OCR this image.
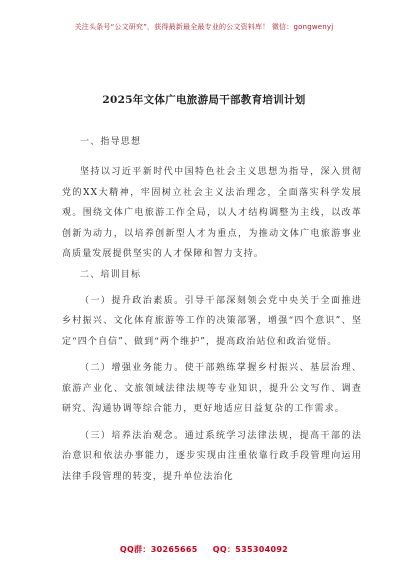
关注头条号“公文研究”，获得最新最全最专业的公文资料库！ 微信：gongwenyj
2025年文体广电旅游局干部教育培训计划

一、指导思想

坚持以习近平新时代中国特色社会主义思想为指导，深入贯彻党的XX大精神，牢固树立社会主义法治理念，全面落实科学发展观。围绕文体广电旅游工作全局，以人才结构调整为主线，以改革创新为动力，以培养创新型人才为重点，为推动文体广电旅游事业高质量发展提供坚实的人才保障和智力支持。

二、培训目标

（一）提升政治素质。引导干部深刻领会党中央关于全面推进乡村振兴、文化体育旅游等工作的决策部署，增强“四个意识”、坚定“四个自信”、做到“两个维护”，提高政治站位和政治觉悟。

（二）增强业务能力。使干部熟练掌握乡村振兴、基层治理、旅游产业化、文旅领域法律法规等专业知识，提升公文写作、调查研究、沟通协调等综合能力，更好地适应日益复杂的工作需求。

（三）培养法治观念。通过系统学习法律法规，提高干部的法治意识和依法办事能力，逐步实现由注重依靠行政手段管理向运用法律手段管理的转变，提升单位法治化

QQ群：30265665 QQ：535304092
